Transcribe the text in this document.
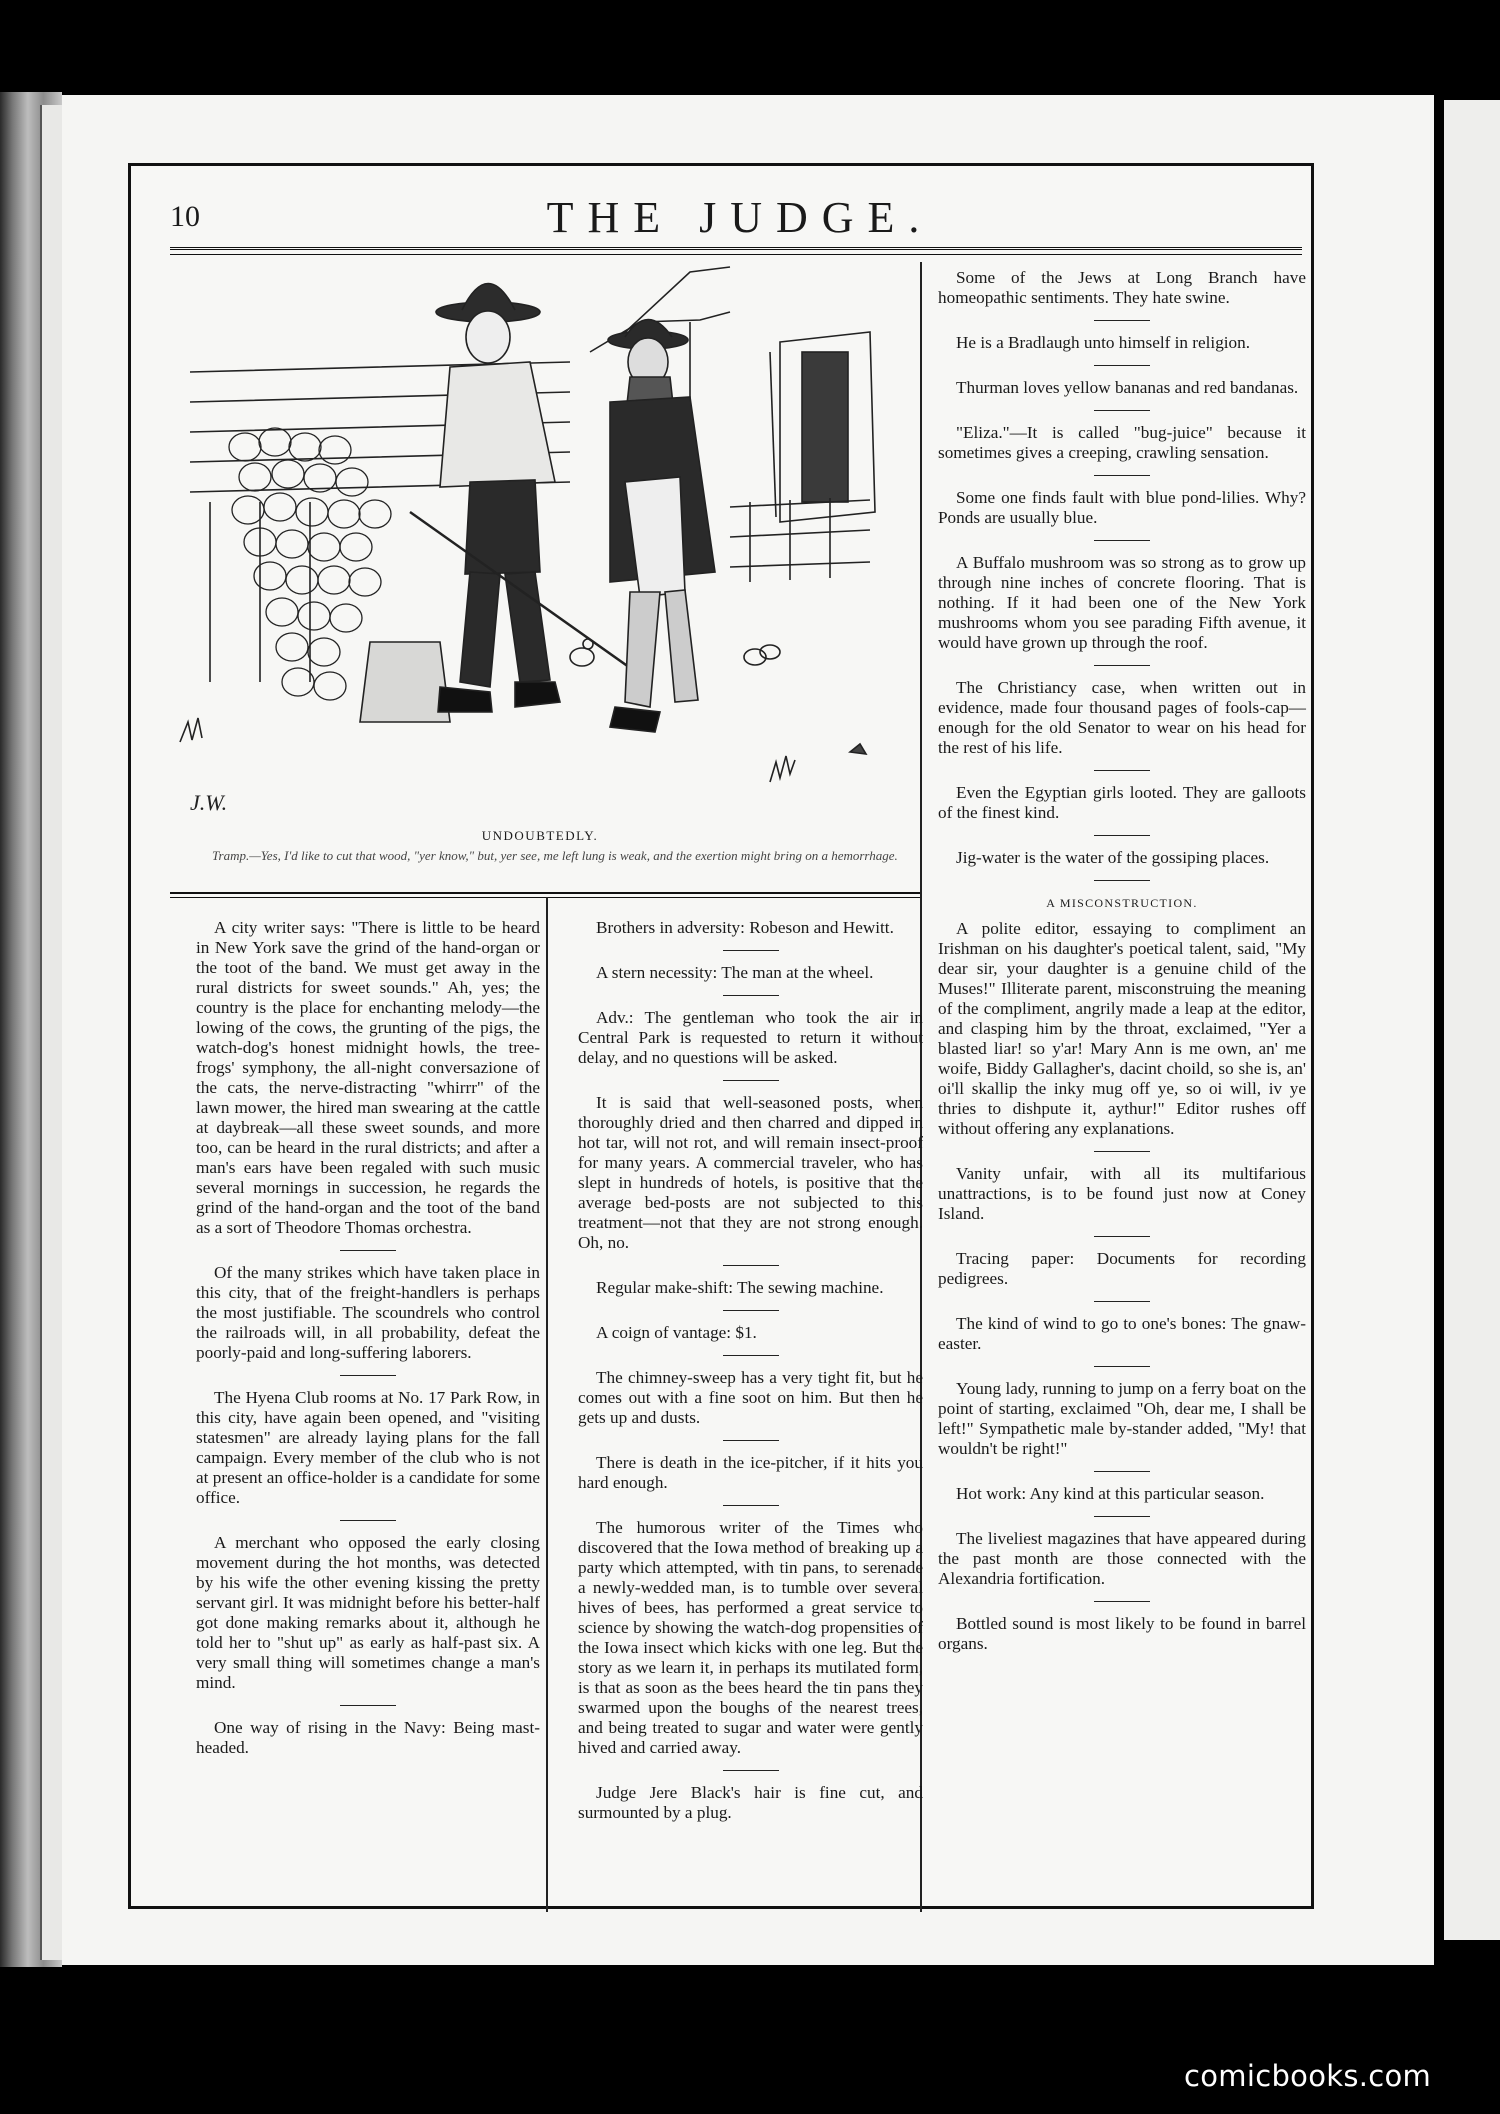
10	THE JUDGE.
J.W.
UNDOUBTEDLY.
Tramp.—Yes, I'd like to cut that wood, "yer know," but, yer see, me left lung is weak, and the exertion might bring on a hemorrhage.

A city writer says: "There is little to be heard in New York save the grind of the hand-organ or the toot of the band. We must get away in the rural districts for sweet sounds." Ah, yes; the country is the place for enchanting melody—the lowing of the cows, the grunting of the pigs, the watch-dog's honest midnight howls, the tree-frogs' symphony, the all-night conversazione of the cats, the nerve-distracting "whirrr" of the lawn mower, the hired man swearing at the cattle at daybreak—all these sweet sounds, and more too, can be heard in the rural districts; and after a man's ears have been regaled with such music several mornings in succession, he regards the grind of the hand-organ and the toot of the band as a sort of Theodore Thomas orchestra.

Of the many strikes which have taken place in this city, that of the freight-handlers is perhaps the most justifiable. The scoundrels who control the railroads will, in all probability, defeat the poorly-paid and long-suffering laborers.

The Hyena Club rooms at No. 17 Park Row, in this city, have again been opened, and "visiting statesmen" are already laying plans for the fall campaign. Every member of the club who is not at present an office-holder is a candidate for some office.

A merchant who opposed the early closing movement during the hot months, was detected by his wife the other evening kissing the pretty servant girl. It was midnight before his better-half got done making remarks about it, although he told her to "shut up" as early as half-past six. A very small thing will sometimes change a man's mind.

One way of rising in the Navy: Being mast-headed.

Brothers in adversity: Robeson and Hewitt.

A stern necessity: The man at the wheel.

Adv.: The gentleman who took the air in Central Park is requested to return it without delay, and no questions will be asked.

It is said that well-seasoned posts, when thoroughly dried and then charred and dipped in hot tar, will not rot, and will remain insect-proof for many years. A commercial traveler, who has slept in hundreds of hotels, is positive that the average bed-posts are not subjected to this treatment—not that they are not strong enough. Oh, no.

Regular make-shift: The sewing machine.

A coign of vantage: $1.

The chimney-sweep has a very tight fit, but he comes out with a fine soot on him. But then he gets up and dusts.

There is death in the ice-pitcher, if it hits you hard enough.

The humorous writer of the Times who discovered that the Iowa method of breaking up a party which attempted, with tin pans, to serenade a newly-wedded man, is to tumble over several hives of bees, has performed a great service to science by showing the watch-dog propensities of the Iowa insect which kicks with one leg. But the story as we learn it, in perhaps its mutilated form, is that as soon as the bees heard the tin pans they swarmed upon the boughs of the nearest trees, and being treated to sugar and water were gently hived and carried away.

Judge Jere Black's hair is fine cut, and surmounted by a plug.

Some of the Jews at Long Branch have homeopathic sentiments. They hate swine.

He is a Bradlaugh unto himself in religion.

Thurman loves yellow bananas and red bandanas.

"Eliza."—It is called "bug-juice" because it sometimes gives a creeping, crawling sensation.

Some one finds fault with blue pond-lilies. Why? Ponds are usually blue.

A Buffalo mushroom was so strong as to grow up through nine inches of concrete flooring. That is nothing. If it had been one of the New York mushrooms whom you see parading Fifth avenue, it would have grown up through the roof.

The Christiancy case, when written out in evidence, made four thousand pages of fools-cap—enough for the old Senator to wear on his head for the rest of his life.

Even the Egyptian girls looted. They are galloots of the finest kind.

Jig-water is the water of the gossiping places.

A MISCONSTRUCTION.

A polite editor, essaying to compliment an Irishman on his daughter's poetical talent, said, "My dear sir, your daughter is a genuine child of the Muses!" Illiterate parent, misconstruing the meaning of the compliment, angrily made a leap at the editor, and clasping him by the throat, exclaimed, "Yer a blasted liar! so y'ar! Mary Ann is me own, an' me woife, Biddy Gallagher's, dacint choild, so she is, an' oi'll skallip the inky mug off ye, so oi will, iv ye thries to dishpute it, aythur!" Editor rushes off without offering any explanations.

Vanity unfair, with all its multifarious unattractions, is to be found just now at Coney Island.

Tracing paper: Documents for recording pedigrees.

The kind of wind to go to one's bones: The gnaw-easter.

Young lady, running to jump on a ferry boat on the point of starting, exclaimed "Oh, dear me, I shall be left!" Sympathetic male by-stander added, "My! that wouldn't be right!"

Hot work: Any kind at this particular season.

The liveliest magazines that have appeared during the past month are those connected with the Alexandria fortification.

Bottled sound is most likely to be found in barrel organs.

comicbooks.com
